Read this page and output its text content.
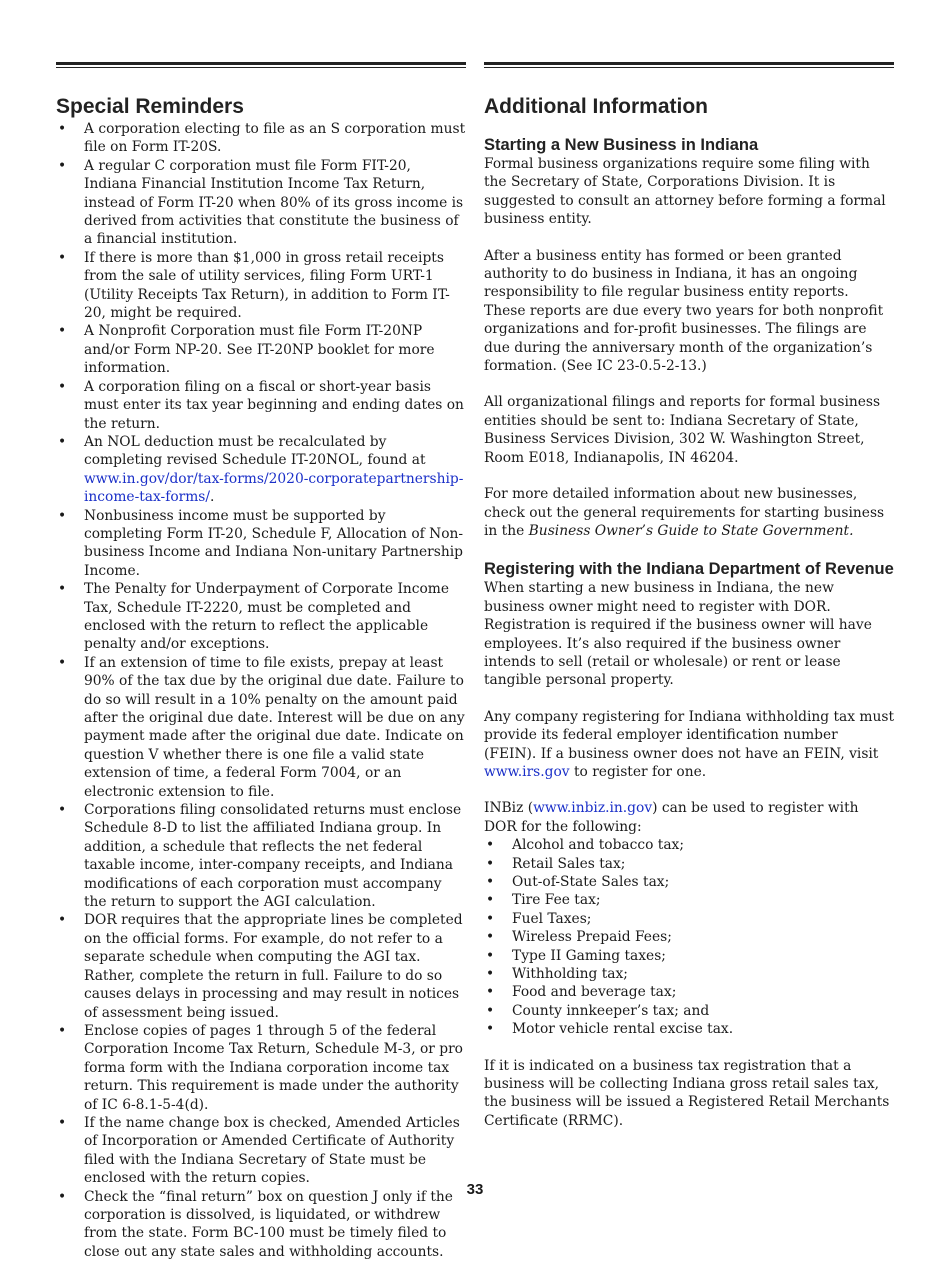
Special Reminders
• A corporation electing to file as an S corporation must file on Form IT-20S.
• A regular C corporation must file Form FIT-20, Indiana Financial Institution Income Tax Return, instead of Form IT-20 when 80% of its gross income is derived from activities that constitute the business of a financial institution.
• If there is more than $1,000 in gross retail receipts from the sale of utility services, filing Form URT-1 (Utility Receipts Tax Return), in addition to Form IT-20, might be required.
• A Nonprofit Corporation must file Form IT-20NP and/or Form NP-20. See IT-20NP booklet for more information.
• A corporation filing on a fiscal or short-year basis must enter its tax year beginning and ending dates on the return.
• An NOL deduction must be recalculated by completing revised Schedule IT-20NOL, found at www.in.gov/dor/tax-forms/2020-corporatepartnership-income-tax-forms/.
• Nonbusiness income must be supported by completing Form IT-20, Schedule F, Allocation of Non-business Income and Indiana Non-unitary Partnership Income.
• The Penalty for Underpayment of Corporate Income Tax, Schedule IT-2220, must be completed and enclosed with the return to reflect the applicable penalty and/or exceptions.
• If an extension of time to file exists, prepay at least 90% of the tax due by the original due date. Failure to do so will result in a 10% penalty on the amount paid after the original due date. Interest will be due on any payment made after the original due date. Indicate on question V whether there is one file a valid state extension of time, a federal Form 7004, or an electronic extension to file.
• Corporations filing consolidated returns must enclose Schedule 8-D to list the affiliated Indiana group. In addition, a schedule that reflects the net federal taxable income, inter-company receipts, and Indiana modifications of each corporation must accompany the return to support the AGI calculation.
• DOR requires that the appropriate lines be completed on the official forms. For example, do not refer to a separate schedule when computing the AGI tax. Rather, complete the return in full. Failure to do so causes delays in processing and may result in notices of assessment being issued.
• Enclose copies of pages 1 through 5 of the federal Corporation Income Tax Return, Schedule M-3, or pro forma form with the Indiana corporation income tax return. This requirement is made under the authority of IC 6-8.1-5-4(d).
• If the name change box is checked, Amended Articles of Incorporation or Amended Certificate of Authority filed with the Indiana Secretary of State must be enclosed with the return copies.
• Check the “final return” box on question J only if the corporation is dissolved, is liquidated, or withdrew from the state. Form BC-100 must be timely filed to close out any state sales and withholding accounts.
Additional Information
Starting a New Business in Indiana

Formal business organizations require some filing with the Secretary of State, Corporations Division. It is suggested to consult an attorney before forming a formal business entity.

After a business entity has formed or been granted authority to do business in Indiana, it has an ongoing responsibility to file regular business entity reports. These reports are due every two years for both nonprofit organizations and for-profit businesses. The filings are due during the anniversary month of the organization’s formation. (See IC 23-0.5-2-13.)

All organizational filings and reports for formal business entities should be sent to: Indiana Secretary of State, Business Services Division, 302 W. Washington Street, Room E018, Indianapolis, IN 46204.

For more detailed information about new businesses, check out the general requirements for starting business in the Business Owner’s Guide to State Government.

Registering with the Indiana Department of Revenue

When starting a new business in Indiana, the new business owner might need to register with DOR. Registration is required if the business owner will have employees. It’s also required if the business owner intends to sell (retail or wholesale) or rent or lease tangible personal property.

Any company registering for Indiana withholding tax must provide its federal employer identification number (FEIN). If a business owner does not have an FEIN, visit www.irs.gov to register for one.

INBiz (www.inbiz.in.gov) can be used to register with DOR for the following:

• Alcohol and tobacco tax;
• Retail Sales tax;
• Out-of-State Sales tax;
• Tire Fee tax;
• Fuel Taxes;
• Wireless Prepaid Fees;
• Type II Gaming taxes;
• Withholding tax;
• Food and beverage tax;
• County innkeeper’s tax; and
• Motor vehicle rental excise tax.

If it is indicated on a business tax registration that a business will be collecting Indiana gross retail sales tax, the business will be issued a Registered Retail Merchants Certificate (RRMC).

33
